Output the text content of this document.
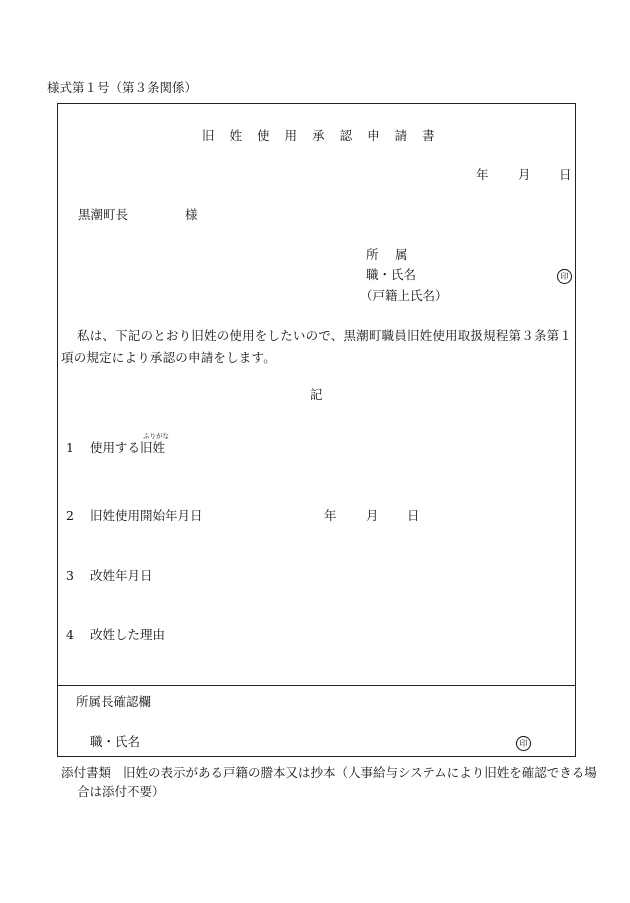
様式第１号（第３条関係）
旧 姓 使 用 承 認 申 請 書
年 月 日
黒潮町長	様
所　 属
職・氏名	印
（戸籍上氏名）
私は、下記のとおり旧姓の使用をしたいので、黒潮町職員旧姓使用取扱規程第３条第１項の規定により承認の申請をします。
記
1 使用する旧姓
ふりがな
2 旧姓使用開始年月日	年 月 日
3 改姓年月日
4 改姓した理由
所属長確認欄
職・氏名	印
添付書類 旧姓の表示がある戸籍の謄本又は抄本（人事給与システムにより旧姓を確認できる場合は添付不要）
